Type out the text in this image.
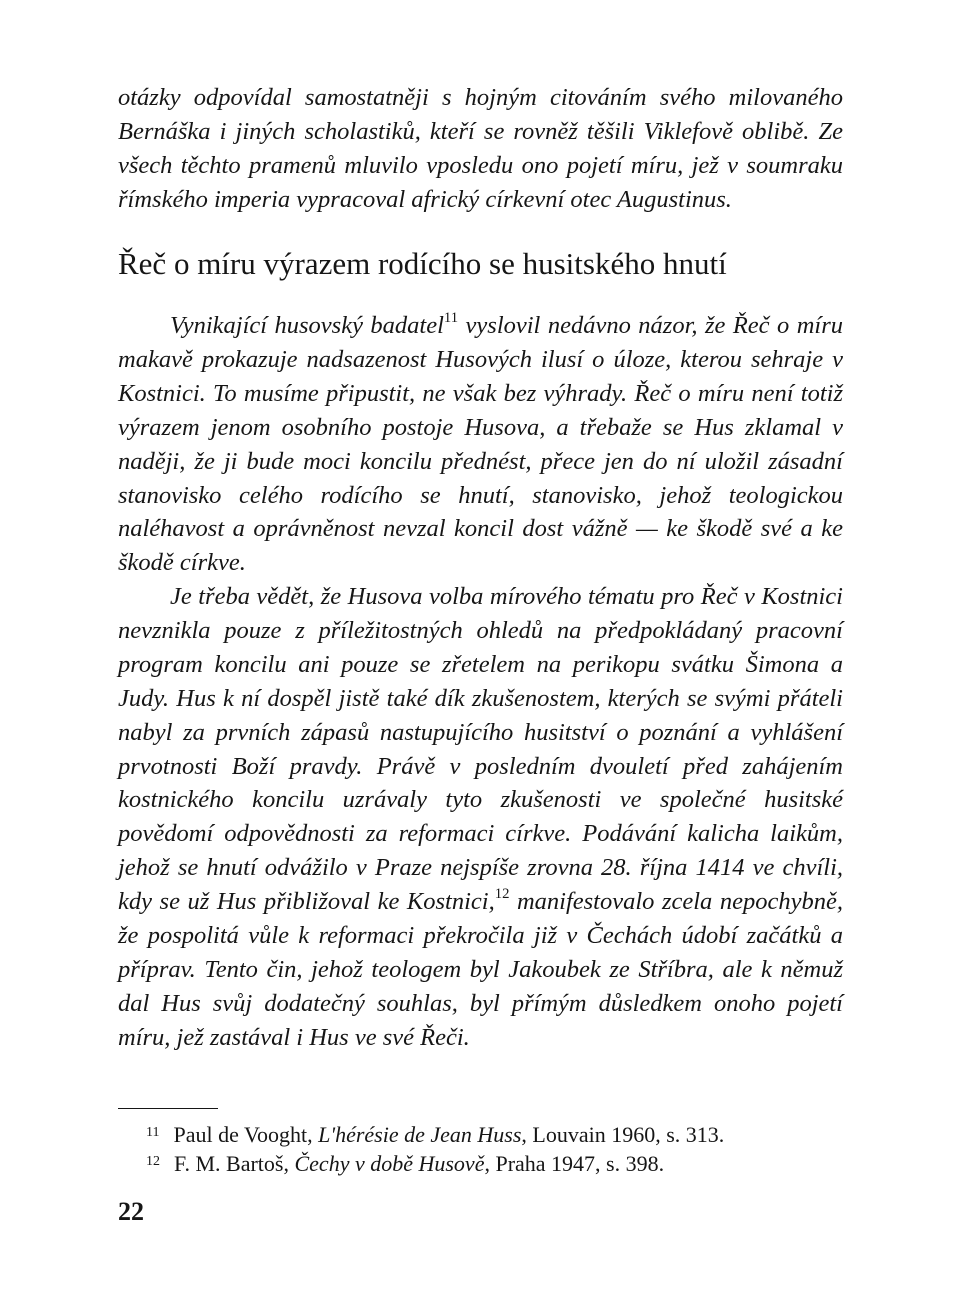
otázky odpovídal samostatněji s hojným citováním svého milovaného Bernáška i jiných scholastiků, kteří se rovněž těšili Viklefově oblibě. Ze všech těchto pramenů mluvilo vposledu ono pojetí míru, jež v soumraku římského imperia vypracoval africký církevní otec Augustinus.

Řeč o míru výrazem rodícího se husitského hnutí

Vynikající husovský badatel$^{11}$ vyslovil nedávno názor, že Řeč o míru makavě prokazuje nadsazenost Husových ilusí o úloze, kterou sehraje v Kostnici. To musíme připustit, ne však bez výhrady. Řeč o míru není totiž výrazem jenom osobního postoje Husova, a třebaže se Hus zklamal v naději, že ji bude moci koncilu přednést, přece jen do ní uložil zásadní stanovisko celého rodícího se hnutí, stanovisko, jehož teologickou naléhavost a oprávněnost nevzal koncil dost vážně — ke škodě své a ke škodě církve.

Je třeba vědět, že Husova volba mírového tématu pro Řeč v Kostnici nevznikla pouze z příležitostných ohledů na předpokládaný pracovní program koncilu ani pouze se zřetelem na perikopu svátku Šimona a Judy. Hus k ní dospěl jistě také dík zkušenostem, kterých se svými přáteli nabyl za prvních zápasů nastupujícího husitství o poznání a vyhlášení prvotnosti Boží pravdy. Právě v posledním dvouletí před zahájením kostnického koncilu uzrávaly tyto zkušenosti ve společné husitské povědomí odpovědnosti za reformaci církve. Podávání kalicha laikům, jehož se hnutí odvážilo v Praze nejspíše zrovna 28. října 1414 ve chvíli, kdy se už Hus přibližoval ke Kostnici,$^{12}$ manifestovalo zcela nepochybně, že pospolitá vůle k reformaci překročila již v Čechách údobí začátků a příprav. Tento čin, jehož teologem byl Jakoubek ze Stříbra, ale k němuž dal Hus svůj dodatečný souhlas, byl přímým důsledkem onoho pojetí míru, jež zastával i Hus ve své Řeči.

$^{11}$ Paul de Vooght, L'hérésie de Jean Huss, Louvain 1960, s. 313.
$^{12}$ F. M. Bartoš, Čechy v době Husově, Praha 1947, s. 398.
22
